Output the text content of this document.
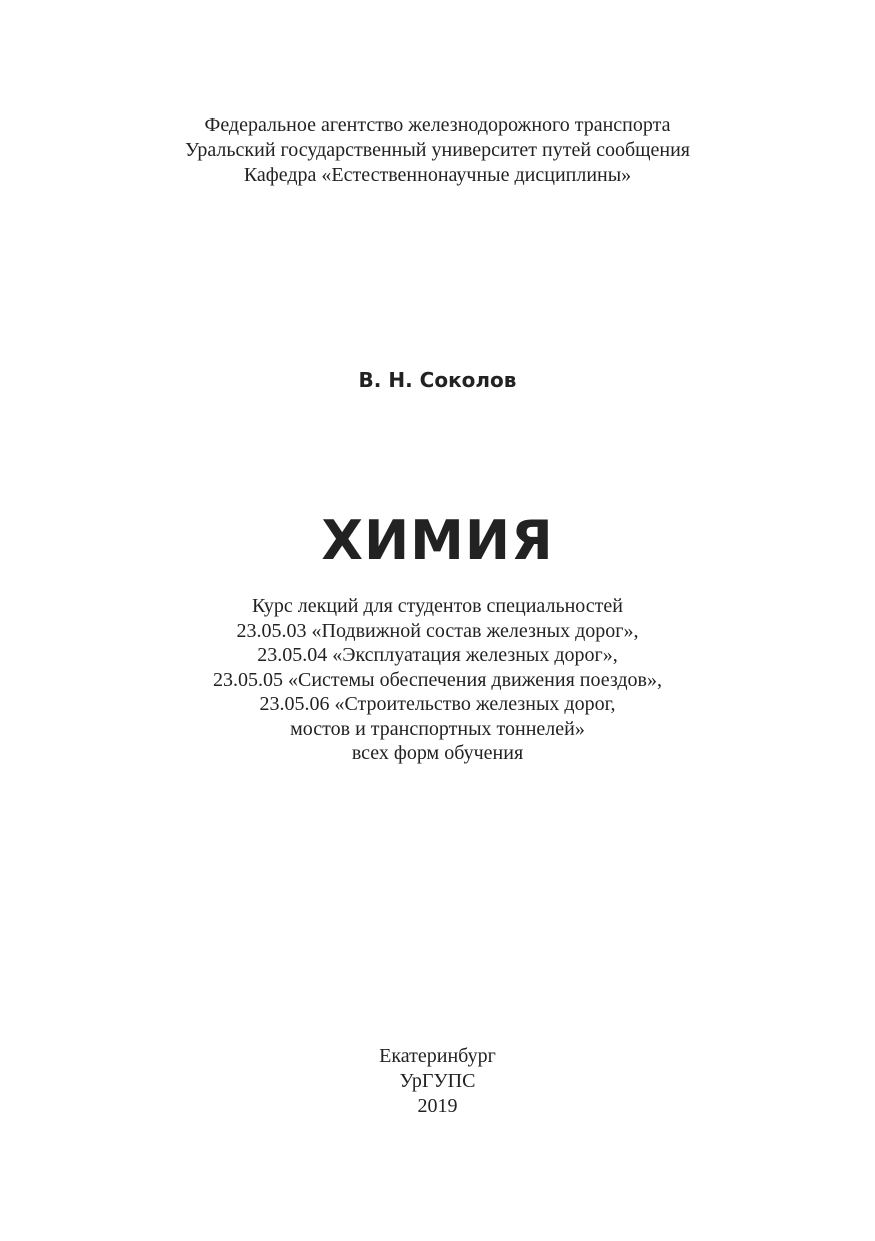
Федеральное агентство железнодорожного транспорта
Уральский государственный университет путей сообщения
Кафедра «Естественнонаучные дисциплины»
В. Н. Соколов
ХИМИЯ
Курс лекций для студентов специальностей
23.05.03 «Подвижной состав железных дорог»,
23.05.04 «Эксплуатация железных дорог»,
23.05.05 «Системы обеспечения движения поездов»,
23.05.06 «Строительство железных дорог,
мостов и транспортных тоннелей»
всех форм обучения
Екатеринбург
УрГУПС
2019
